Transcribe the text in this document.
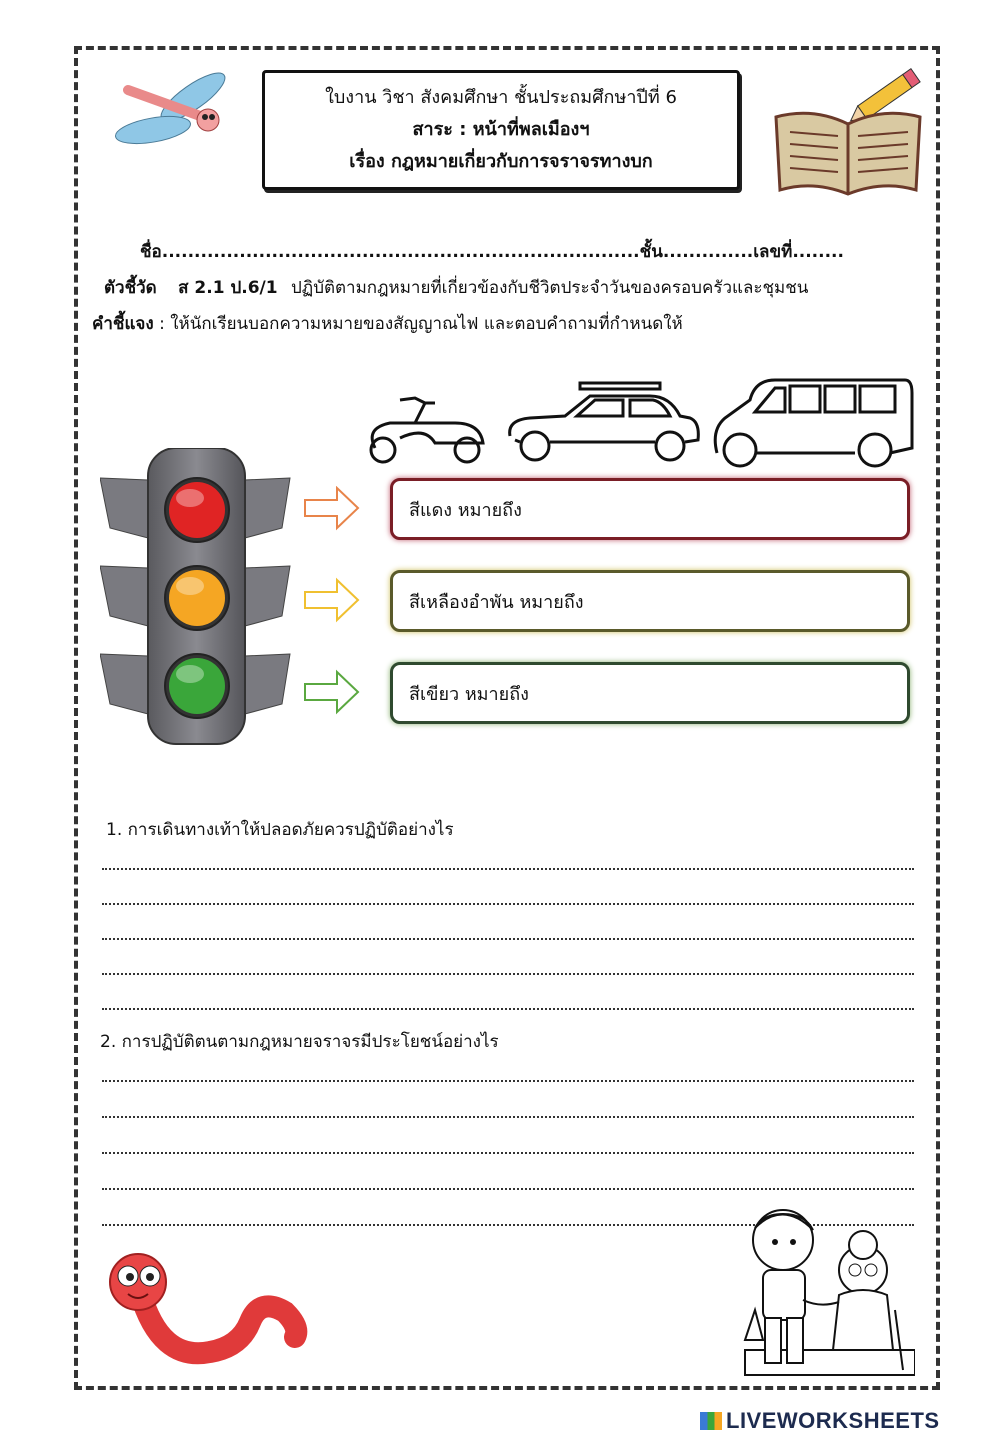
ใบงาน วิชา สังคมศึกษา ชั้นประถมศึกษาปีที่ 6
สาระ : หน้าที่พลเมืองฯ
เรื่อง กฎหมายเกี่ยวกับการจราจรทางบก
ชื่อ..........................................................................ชั้น..............เลขที่........
ตัวชี้วัด ส 2.1 ป.6/1 ปฏิบัติตามกฎหมายที่เกี่ยวข้องกับชีวิตประจำวันของครอบครัวและชุมชน
คำชี้แจง : ให้นักเรียนบอกความหมายของสัญญาณไฟ และตอบคำถามที่กำหนดให้
สีแดง หมายถึง
สีเหลืองอำพัน หมายถึง
สีเขียว หมายถึง
1. การเดินทางเท้าให้ปลอดภัยควรปฏิบัติอย่างไร
2. การปฏิบัติตนตามกฎหมายจราจรมีประโยชน์อย่างไร
LIVEWORKSHEETS
